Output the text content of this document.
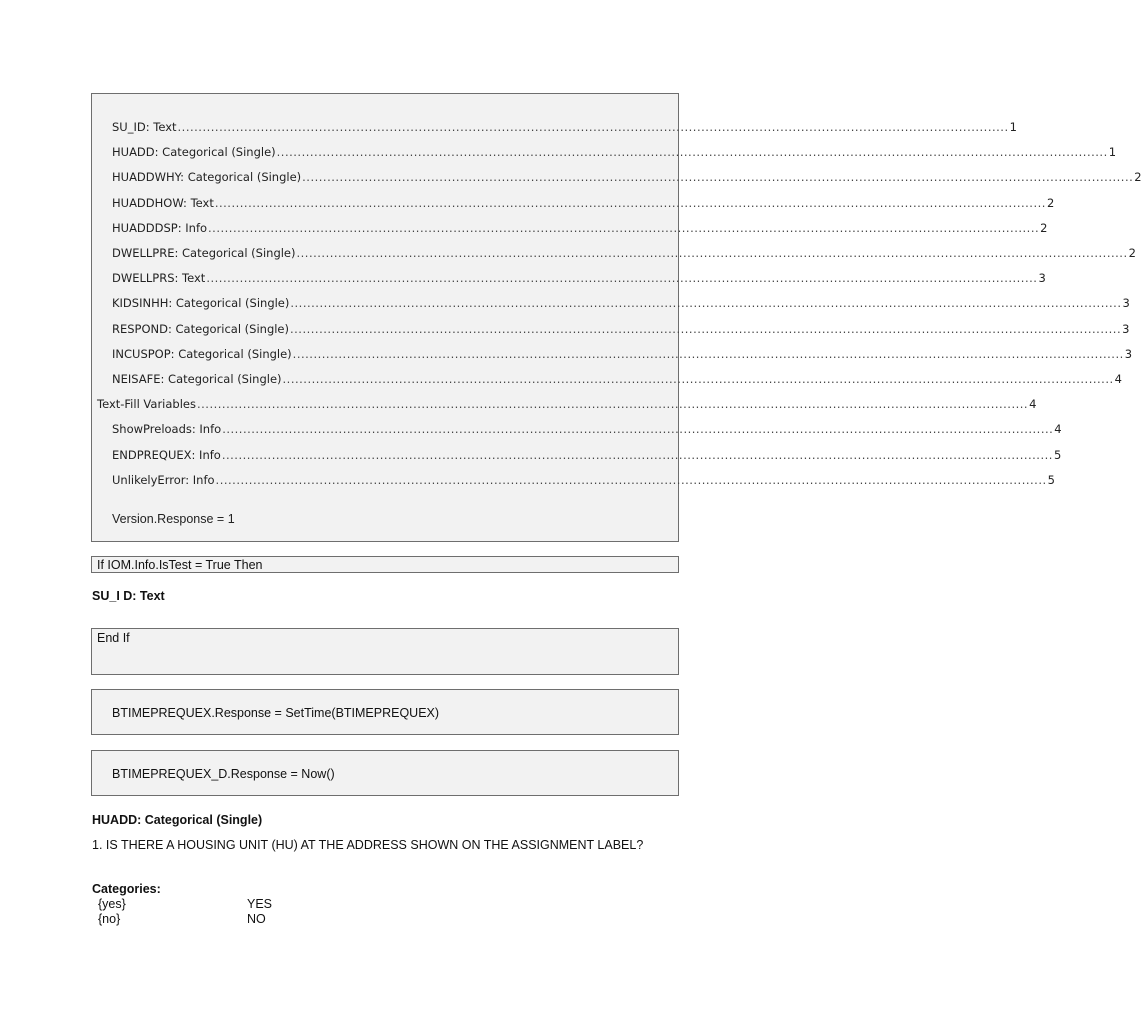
SU_ID: Text ........................................................................................................................................................................................................ 1
HUADD: Categorical (Single) ........................................................................................................................................................................................................ 1
HUADDWHY: Categorical (Single) ........................................................................................................................................................................................................ 2
HUADDHOW: Text ........................................................................................................................................................................................................ 2
HUADDDSP: Info ........................................................................................................................................................................................................ 2
DWELLPRE: Categorical (Single) ........................................................................................................................................................................................................ 2
DWELLPRS: Text ........................................................................................................................................................................................................ 3
KIDSINHH: Categorical (Single) ........................................................................................................................................................................................................ 3
RESPOND: Categorical (Single) ........................................................................................................................................................................................................ 3
INCUSPOP: Categorical (Single) ........................................................................................................................................................................................................ 3
NEISAFE: Categorical (Single) ........................................................................................................................................................................................................ 4
Text-Fill Variables ........................................................................................................................................................................................................ 4
ShowPreloads: Info ........................................................................................................................................................................................................ 4
ENDPREQUEX: Info ........................................................................................................................................................................................................ 5
UnlikelyError: Info ........................................................................................................................................................................................................ 5
Version.Response = 1
If IOM.Info.IsTest = True Then
SU_I D: Text
End If
BTIMEPREQUEX.Response = SetTime(BTIMEPREQUEX)
BTIMEPREQUEX_D.Response = Now()
HUADD: Categorical (Single)
1. IS THERE A HOUSING UNIT (HU) AT THE ADDRESS SHOWN ON THE ASSIGNMENT LABEL?
Categories:
{yes}	YES
{no}	NO
